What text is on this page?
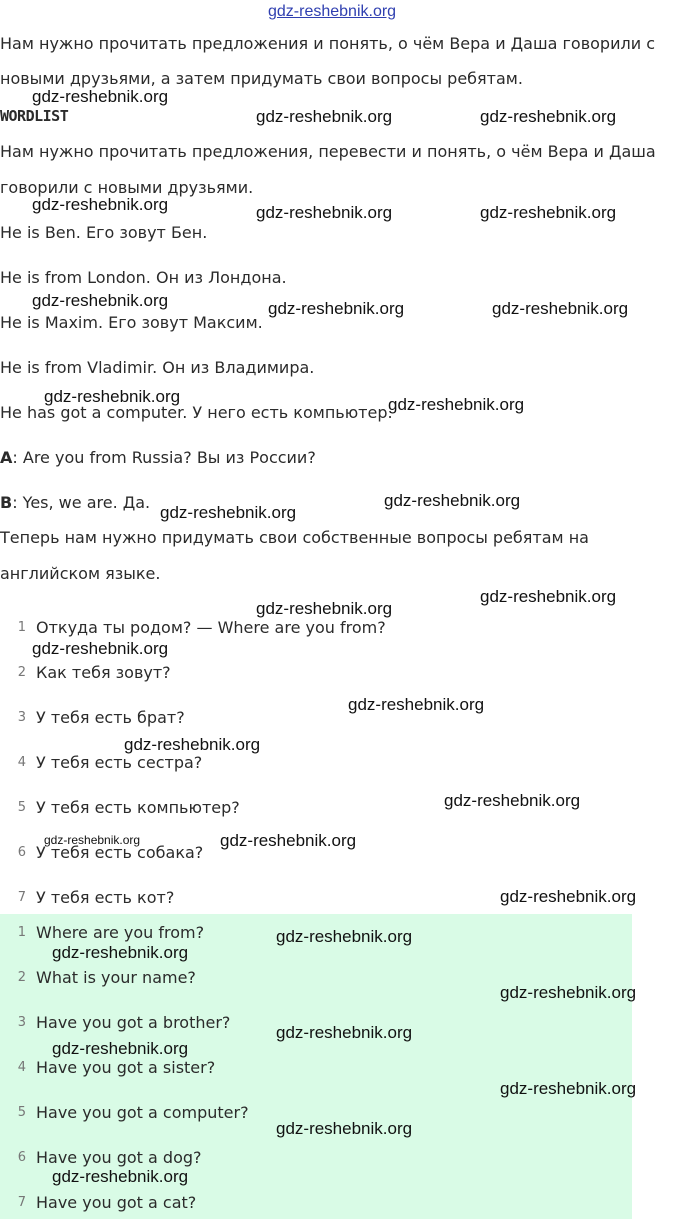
gdz-reshebnik.org

Нам нужно прочитать предложения и понять, о чём Вера и Даша говорили с

новыми друзьями, а затем придумать свои вопросы ребятам.

WORDLIST

Нам нужно прочитать предложения, перевести и понять, о чём Вера и Даша

говорили с новыми друзьями.

He is Ben. Его зовут Бен.

He is from London. Он из Лондона.

He is Maxim. Его зовут Максим.

He is from Vladimir. Он из Владимира.

He has got a computer. У него есть компьютер.

A: Are you from Russia? Вы из России?

B: Yes, we are. Да.

Теперь нам нужно придумать свои собственные вопросы ребятам на

английском языке.

1 Откуда ты родом? — Where are you from?
2 Как тебя зовут?
3 У тебя есть брат?
4 У тебя есть сестра?
5 У тебя есть компьютер?
6 У тебя есть собака?
7 У тебя есть кот?
1 Where are you from?
2 What is your name?
3 Have you got a brother?
4 Have you got a sister?
5 Have you got a computer?
6 Have you got a dog?
7 Have you got a cat?
gdz-reshebnik.org
gdz-reshebnik.org	gdz-reshebnik.org
gdz-reshebnik.org	gdz-reshebnik.org	gdz-reshebnik.org
gdz-reshebnik.org	gdz-reshebnik.org	gdz-reshebnik.org
gdz-reshebnik.org	gdz-reshebnik.org
gdz-reshebnik.org
gdz-reshebnik.org
gdz-reshebnik.org
gdz-reshebnik.org
gdz-reshebnik.org
gdz-reshebnik.org
gdz-reshebnik.org
gdz-reshebnik.org
gdz-reshebnik.org	gdz-reshebnik.org
gdz-reshebnik.org
gdz-reshebnik.org
gdz-reshebnik.org
gdz-reshebnik.org
gdz-reshebnik.org
gdz-reshebnik.org
gdz-reshebnik.org
gdz-reshebnik.org
gdz-reshebnik.org
